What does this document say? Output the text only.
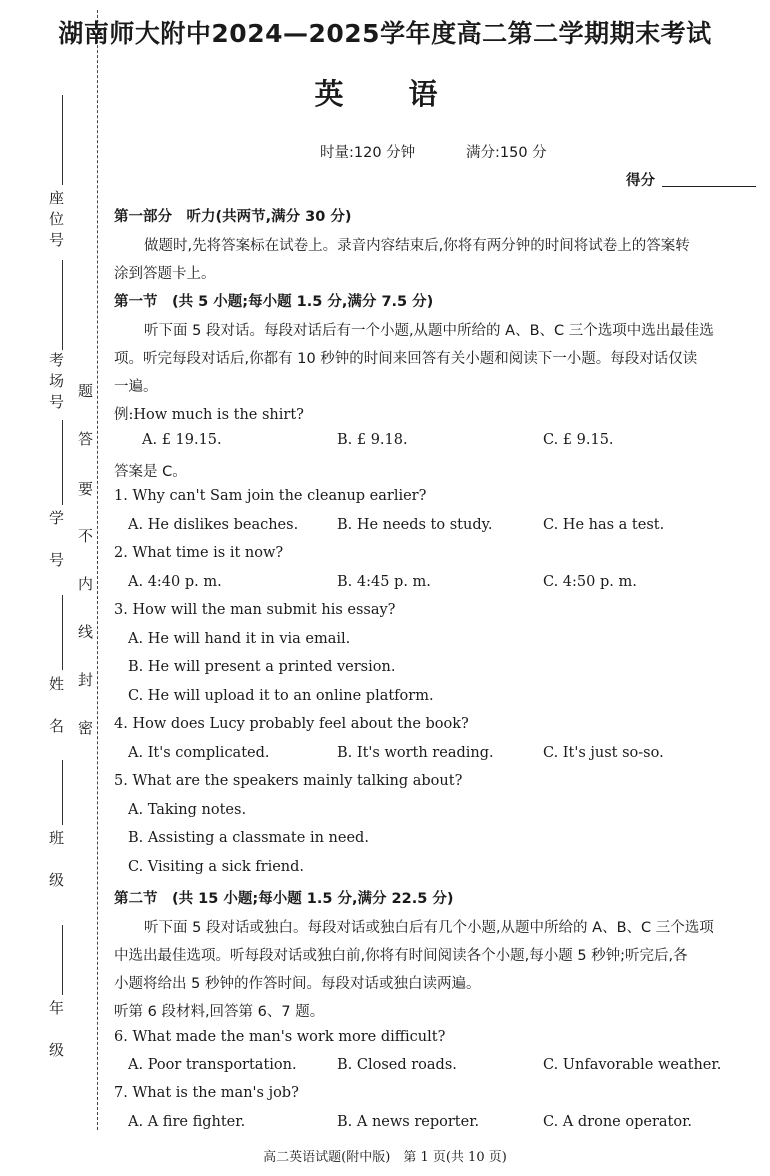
座位号
考场号
学　号
姓　名
班　级
年　级
题
答
要
不
内
线
封
密
湖南师大附中2024—2025学年度高二第二学期期末考试
英　语
时量:120 分钟	满分:150 分
得分
第一部分　听力(共两节,满分 30 分)
做题时,先将答案标在试卷上。录音内容结束后,你将有两分钟的时间将试卷上的答案转
涂到答题卡上。
第一节　(共 5 小题;每小题 1.5 分,满分 7.5 分)
听下面 5 段对话。每段对话后有一个小题,从题中所给的 A、B、C 三个选项中选出最佳选
项。听完每段对话后,你都有 10 秒钟的时间来回答有关小题和阅读下一小题。每段对话仅读
一遍。
例:How much is the shirt?
A. £ 19.15.	B. £ 9.18.	C. £ 9.15.
答案是 C。
1. Why can't Sam join the cleanup earlier?
A. He dislikes beaches.	B. He needs to study.	C. He has a test.
2. What time is it now?
A. 4:40 p. m.	B. 4:45 p. m.	C. 4:50 p. m.
3. How will the man submit his essay?
A. He will hand it in via email.
B. He will present a printed version.
C. He will upload it to an online platform.
4. How does Lucy probably feel about the book?
A. It's complicated.	B. It's worth reading.	C. It's just so-so.
5. What are the speakers mainly talking about?
A. Taking notes.
B. Assisting a classmate in need.
C. Visiting a sick friend.
第二节　(共 15 小题;每小题 1.5 分,满分 22.5 分)
听下面 5 段对话或独白。每段对话或独白后有几个小题,从题中所给的 A、B、C 三个选项
中选出最佳选项。听每段对话或独白前,你将有时间阅读各个小题,每小题 5 秒钟;听完后,各
小题将给出 5 秒钟的作答时间。每段对话或独白读两遍。
听第 6 段材料,回答第 6、7 题。
6. What made the man's work more difficult?
A. Poor transportation.	B. Closed roads.	C. Unfavorable weather.
7. What is the man's job?
A. A fire fighter.	B. A news reporter.	C. A drone operator.
高二英语试题(附中版)　第 1 页(共 10 页)
